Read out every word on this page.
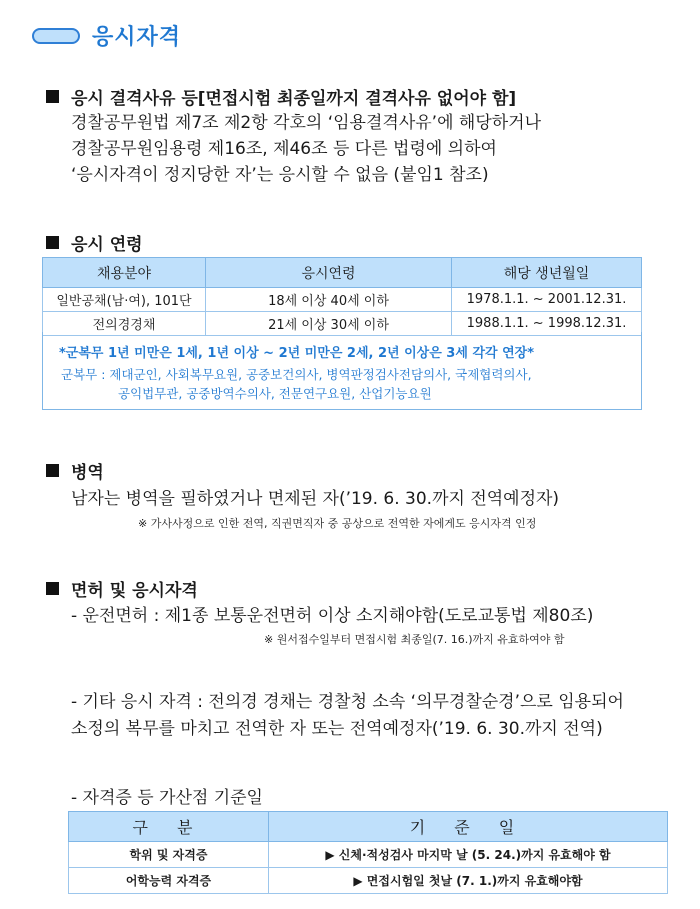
응시자격
응시 결격사유 등[면접시험 최종일까지 결격사유 없어야 함]
경찰공무원법 제7조 제2항 각호의 ‘임용결격사유’에 해당하거나
경찰공무원임용령 제16조, 제46조 등 다른 법령에 의하여
‘응시자격이 정지당한 자’는 응시할 수 없음 (붙임1 참조)
응시 연령
채용분야	응시연령	해당 생년월일
일반공채(남·여), 101단	18세 이상 40세 이하	1978.1.1. ~ 2001.12.31.
전의경경채	21세 이상 30세 이하	1988.1.1. ~ 1998.12.31.
*군복무 1년 미만은 1세, 1년 이상 ~ 2년 미만은 2세, 2년 이상은 3세 각각 연장*
군복무 : 제대군인, 사회복무요원, 공중보건의사, 병역판정검사전담의사, 국제협력의사,
공익법무관, 공중방역수의사, 전문연구요원, 산업기능요원
병역
남자는 병역을 필하였거나 면제된 자(’19. 6. 30.까지 전역예정자)
※ 가사사정으로 인한 전역, 직권면직자 중 공상으로 전역한 자에게도 응시자격 인정
면허 및 응시자격
- 운전면허 : 제1종 보통운전면허 이상 소지해야함(도로교통법 제80조)
※ 원서접수일부터 면접시험 최종일(7. 16.)까지 유효하여야 함
- 기타 응시 자격 : 전의경 경채는 경찰청 소속 ‘의무경찰순경’으로 임용되어
소정의 복무를 마치고 전역한 자 또는 전역예정자(’19. 6. 30.까지 전역)
- 자격증 등 가산점 기준일
구 분	기 준 일
학위 및 자격증	▶ 신체·적성검사 마지막 날 (5. 24.)까지 유효해야 함
어학능력 자격증	▶ 면접시험일 첫날 (7. 1.)까지 유효해야함
